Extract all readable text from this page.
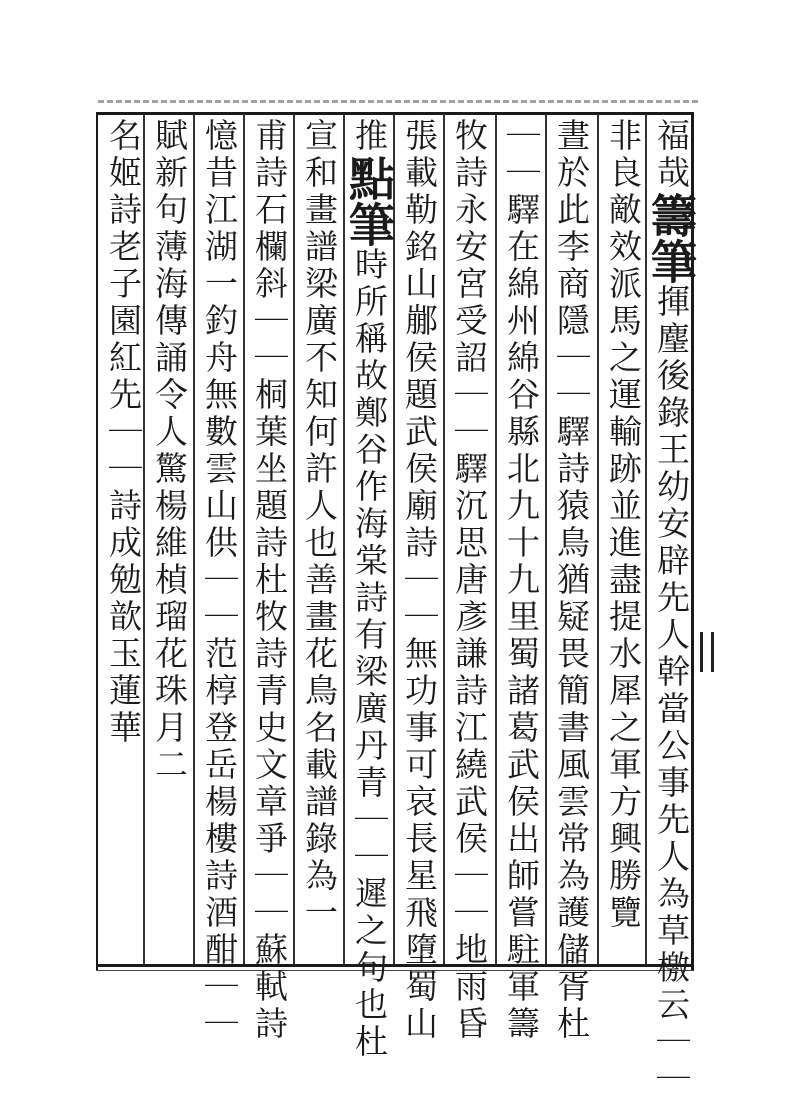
福哉籌筆揮麈後錄王幼安辟先人幹當公事先人為草檄云｜｜
非良敵效派馬之運輸跡並進盡提水犀之軍方興勝覽
晝於此李商隱｜｜驛詩猿鳥猶疑畏簡書風雲常為護儲胥杜
｜｜驛在綿州綿谷縣北九十九里蜀諸葛武侯出師嘗駐軍籌
牧詩永安宮受詔｜｜驛沉思唐彥謙詩江繞武侯｜｜地雨昏
張載勒銘山䣙侯題武侯廟詩｜｜無功事可哀長星飛墮蜀山
推點筆時所稱故鄭谷作海棠詩有梁廣丹青｜｜遲之句也杜
宣和畫譜梁廣不知何許人也善畫花鳥名載譜錄為一
甫詩石欄斜｜｜桐葉坐題詩杜牧詩青史文章爭｜｜蘇軾詩
憶昔江湖一釣舟無數雲山供｜｜范椁登岳楊樓詩酒酣｜｜
賦新句薄海傳誦令人驚楊維楨瑠花珠月二
名姬詩老子園紅先｜｜詩成勉歆玉蓮華
